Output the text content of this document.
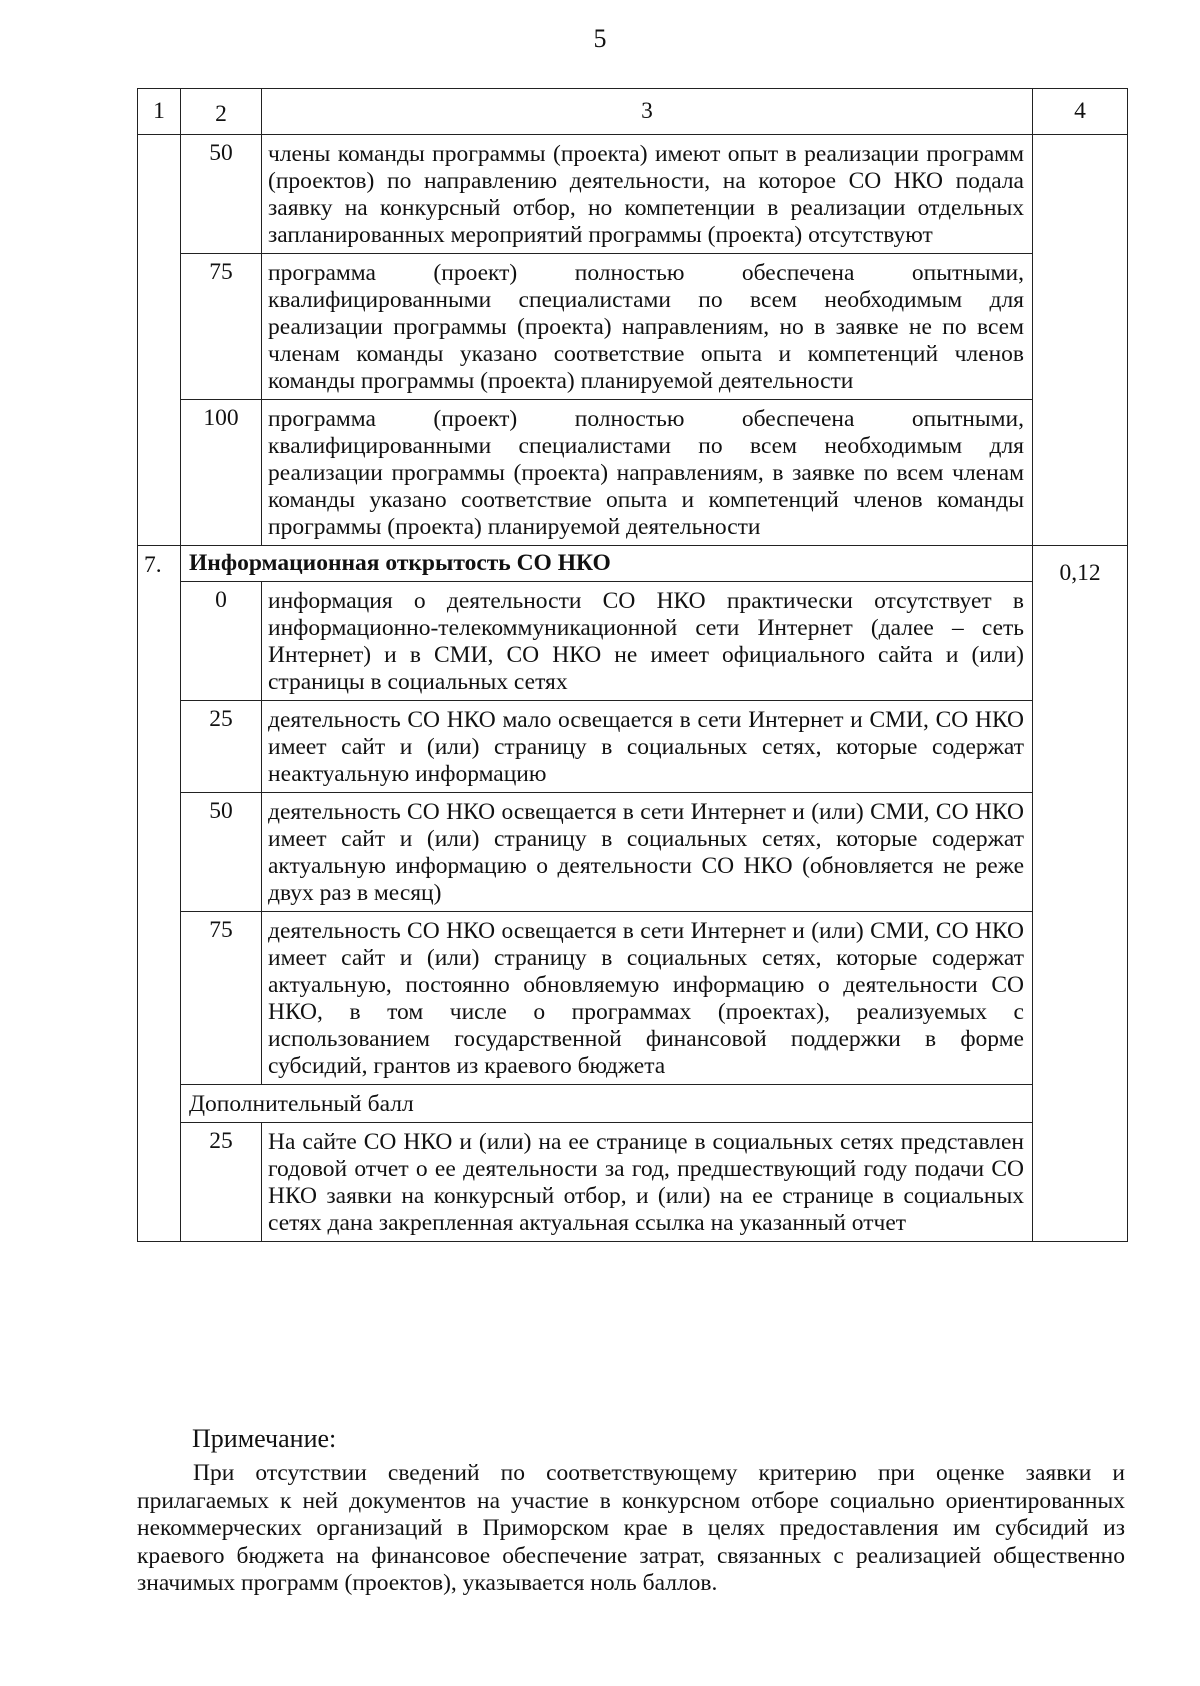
5
1	2	3	4
	50	члены команды программы (проекта) имеют опыт в реализации программ (проектов) по направлению деятельности, на которое СО НКО подала заявку на конкурсный отбор, но компетенции в реализации отдельных запланированных мероприятий программы (проекта) отсутствуют	

	75	программа (проект) полностью обеспечена опытными, квалифицированными специалистами по всем необходимым для реализации программы (проекта) направлениям, но в заявке не по всем членам команды указано соответствие опыта и компетенций членов команды программы (проекта) планируемой деятельности	

	100	программа (проект) полностью обеспечена опытными, квалифицированными специалистами по всем необходимым для реализации программы (проекта) направлениям, в заявке по всем членам команды указано соответствие опыта и компетенций членов команды программы (проекта) планируемой деятельности	

7.	Информационная открытость СО НКО		0,12
	0	информация о деятельности СО НКО практически отсутствует в информационно-телекоммуникационной сети Интернет (далее – сеть Интернет) и в СМИ, СО НКО не имеет официального сайта и (или) страницы в социальных сетях	

	25	деятельность СО НКО мало освещается в сети Интернет и СМИ, СО НКО имеет сайт и (или) страницу в социальных сетях, которые содержат неактуальную информацию	

	50	деятельность СО НКО освещается в сети Интернет и (или) СМИ, СО НКО имеет сайт и (или) страницу в социальных сетях, которые содержат актуальную информацию о деятельности СО НКО (обновляется не реже двух раз в месяц)	

	75	деятельность СО НКО освещается в сети Интернет и (или) СМИ, СО НКО имеет сайт и (или) страницу в социальных сетях, которые содержат актуальную, постоянно обновляемую информацию о деятельности СО НКО, в том числе о программах (проектах), реализуемых с использованием государственной финансовой поддержки в форме субсидий, грантов из краевого бюджета	

	Дополнительный балл		

	25	На сайте СО НКО и (или) на ее странице в социальных сетях представлен годовой отчет о ее деятельности за год, предшествующий году подачи СО НКО заявки на конкурсный отбор, и (или) на ее странице в социальных сетях дана закрепленная актуальная ссылка на указанный отчет	
Примечание:
При отсутствии сведений по соответствующему критерию при оценке заявки и прилагаемых к ней документов на участие в конкурсном отборе социально ориентированных некоммерческих организаций в Приморском крае в целях предоставления им субсидий из краевого бюджета на финансовое обеспечение затрат, связанных с реализацией общественно значимых программ (проектов), указывается ноль баллов.
